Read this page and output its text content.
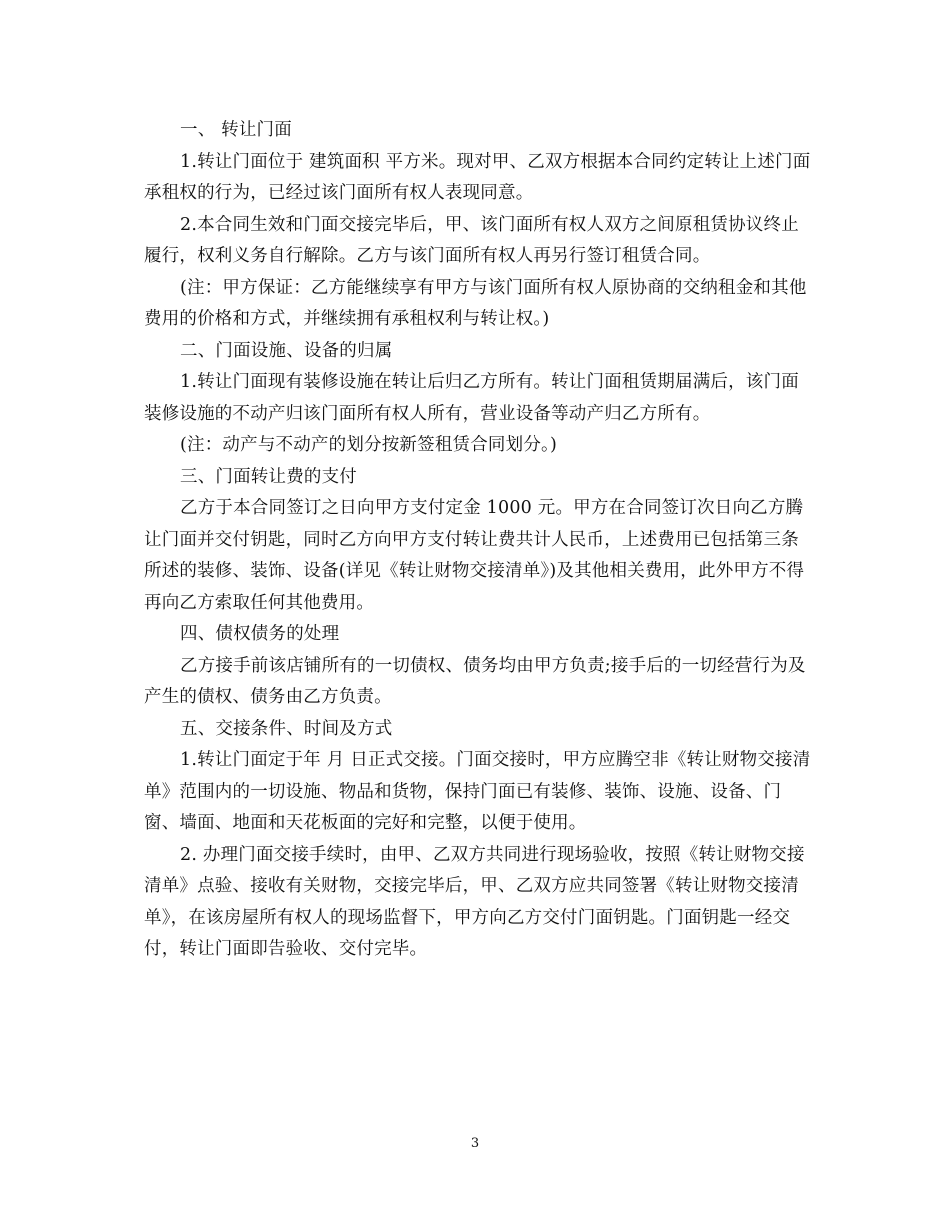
一、 转让门面

1.转让门面位于 建筑面积 平方米。现对甲、乙双方根据本合同约定转让上述门面承租权的行为，已经过该门面所有权人表现同意。

2.本合同生效和门面交接完毕后，甲、该门面所有权人双方之间原租赁协议终止履行，权利义务自行解除。乙方与该门面所有权人再另行签订租赁合同。

(注：甲方保证：乙方能继续享有甲方与该门面所有权人原协商的交纳租金和其他费用的价格和方式，并继续拥有承租权利与转让权。)

二、门面设施、设备的归属

1.转让门面现有装修设施在转让后归乙方所有。转让门面租赁期届满后，该门面装修设施的不动产归该门面所有权人所有，营业设备等动产归乙方所有。

(注：动产与不动产的划分按新签租赁合同划分。)

三、门面转让费的支付

乙方于本合同签订之日向甲方支付定金 1000 元。甲方在合同签订次日向乙方腾让门面并交付钥匙，同时乙方向甲方支付转让费共计人民币，上述费用已包括第三条所述的装修、装饰、设备(详见《转让财物交接清单》)及其他相关费用，此外甲方不得再向乙方索取任何其他费用。

四、债权债务的处理

乙方接手前该店铺所有的一切债权、债务均由甲方负责;接手后的一切经营行为及产生的债权、债务由乙方负责。

五、交接条件、时间及方式

1.转让门面定于年 月 日正式交接。门面交接时，甲方应腾空非《转让财物交接清单》范围内的一切设施、物品和货物，保持门面已有装修、装饰、设施、设备、门窗、墙面、地面和天花板面的完好和完整，以便于使用。

2. 办理门面交接手续时，由甲、乙双方共同进行现场验收，按照《转让财物交接清单》点验、接收有关财物，交接完毕后，甲、乙双方应共同签署《转让财物交接清单》，在该房屋所有权人的现场监督下，甲方向乙方交付门面钥匙。门面钥匙一经交付，转让门面即告验收、交付完毕。

3
